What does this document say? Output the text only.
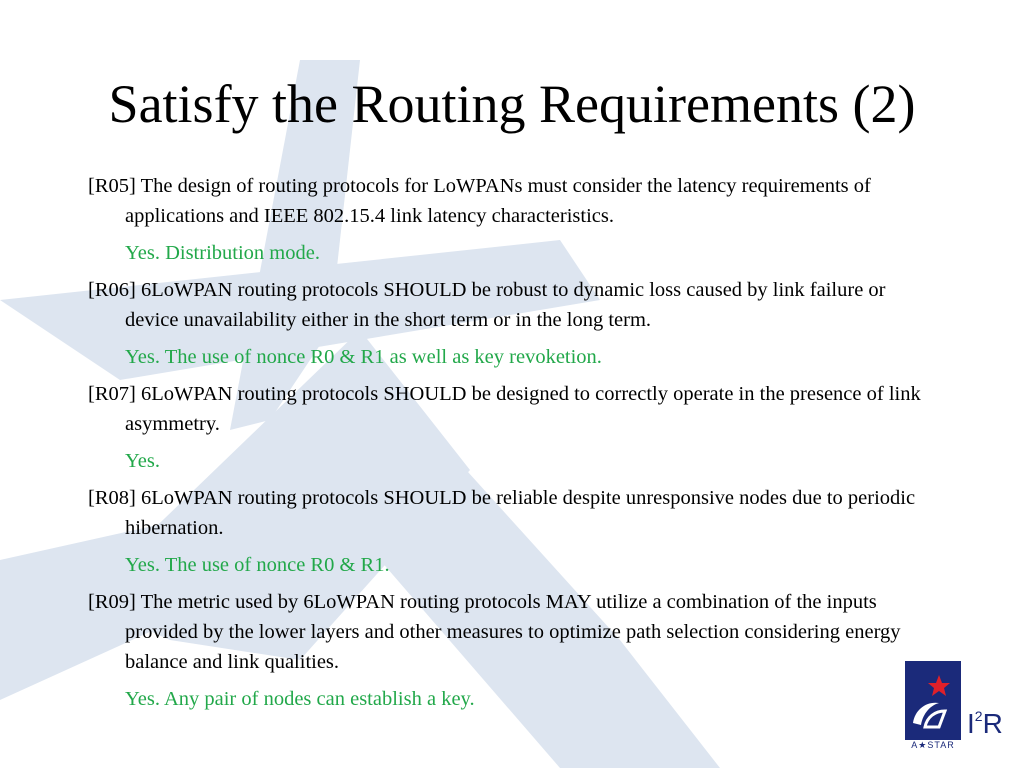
Satisfy the Routing Requirements (2)

[R05] The design of routing protocols for LoWPANs must consider the latency requirements of applications and IEEE 802.15.4 link latency characteristics.

Yes. Distribution mode.

[R06] 6LoWPAN routing protocols SHOULD be robust to dynamic loss caused by link failure or device unavailability either in the short term or in the long term.

Yes. The use of nonce R0 & R1 as well as key revoketion.

[R07] 6LoWPAN routing protocols SHOULD be designed to correctly operate in the presence of link asymmetry.

Yes.

[R08] 6LoWPAN routing protocols SHOULD be reliable despite unresponsive nodes due to periodic hibernation.

Yes. The use of nonce R0 & R1.

[R09] The metric used by 6LoWPAN routing protocols MAY utilize a combination of the inputs provided by the lower layers and other measures to optimize path selection considering energy balance and link qualities.

Yes. Any pair of nodes can establish a key.

A★STAR
$I^2R$
